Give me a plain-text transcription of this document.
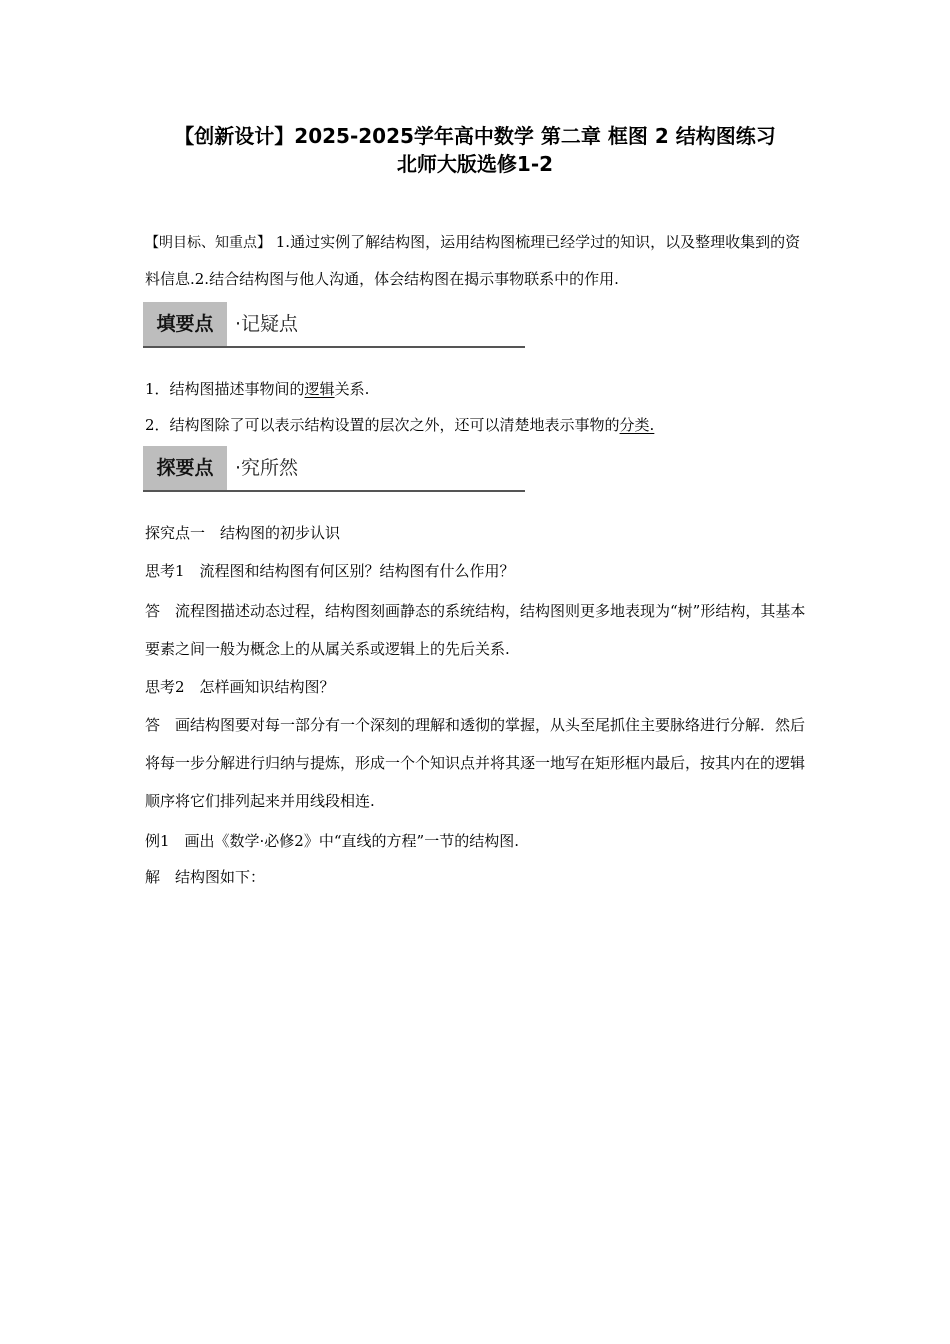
【创新设计】2025-2025学年高中数学 第二章 框图 2 结构图练习
北师大版选修1-2
【明目标、知重点】 1.通过实例了解结构图，运用结构图梳理已经学过的知识，以及整理收集到的资料信息.2.结合结构图与他人沟通，体会结构图在揭示事物联系中的作用.
填要点	·记疑点
1．结构图描述事物间的逻辑关系.
2．结构图除了可以表示结构设置的层次之外，还可以清楚地表示事物的分类.
探要点	·究所然
探究点一　结构图的初步认识
思考1　流程图和结构图有何区别？结构图有什么作用？
答　流程图描述动态过程，结构图刻画静态的系统结构，结构图则更多地表现为“树”形结构，其基本要素之间一般为概念上的从属关系或逻辑上的先后关系.
思考2　怎样画知识结构图？
答　画结构图要对每一部分有一个深刻的理解和透彻的掌握，从头至尾抓住主要脉络进行分解．然后将每一步分解进行归纳与提炼，形成一个个知识点并将其逐一地写在矩形框内最后，按其内在的逻辑顺序将它们排列起来并用线段相连.
例1　画出《数学·必修2》中“直线的方程”一节的结构图.
解　结构图如下：
